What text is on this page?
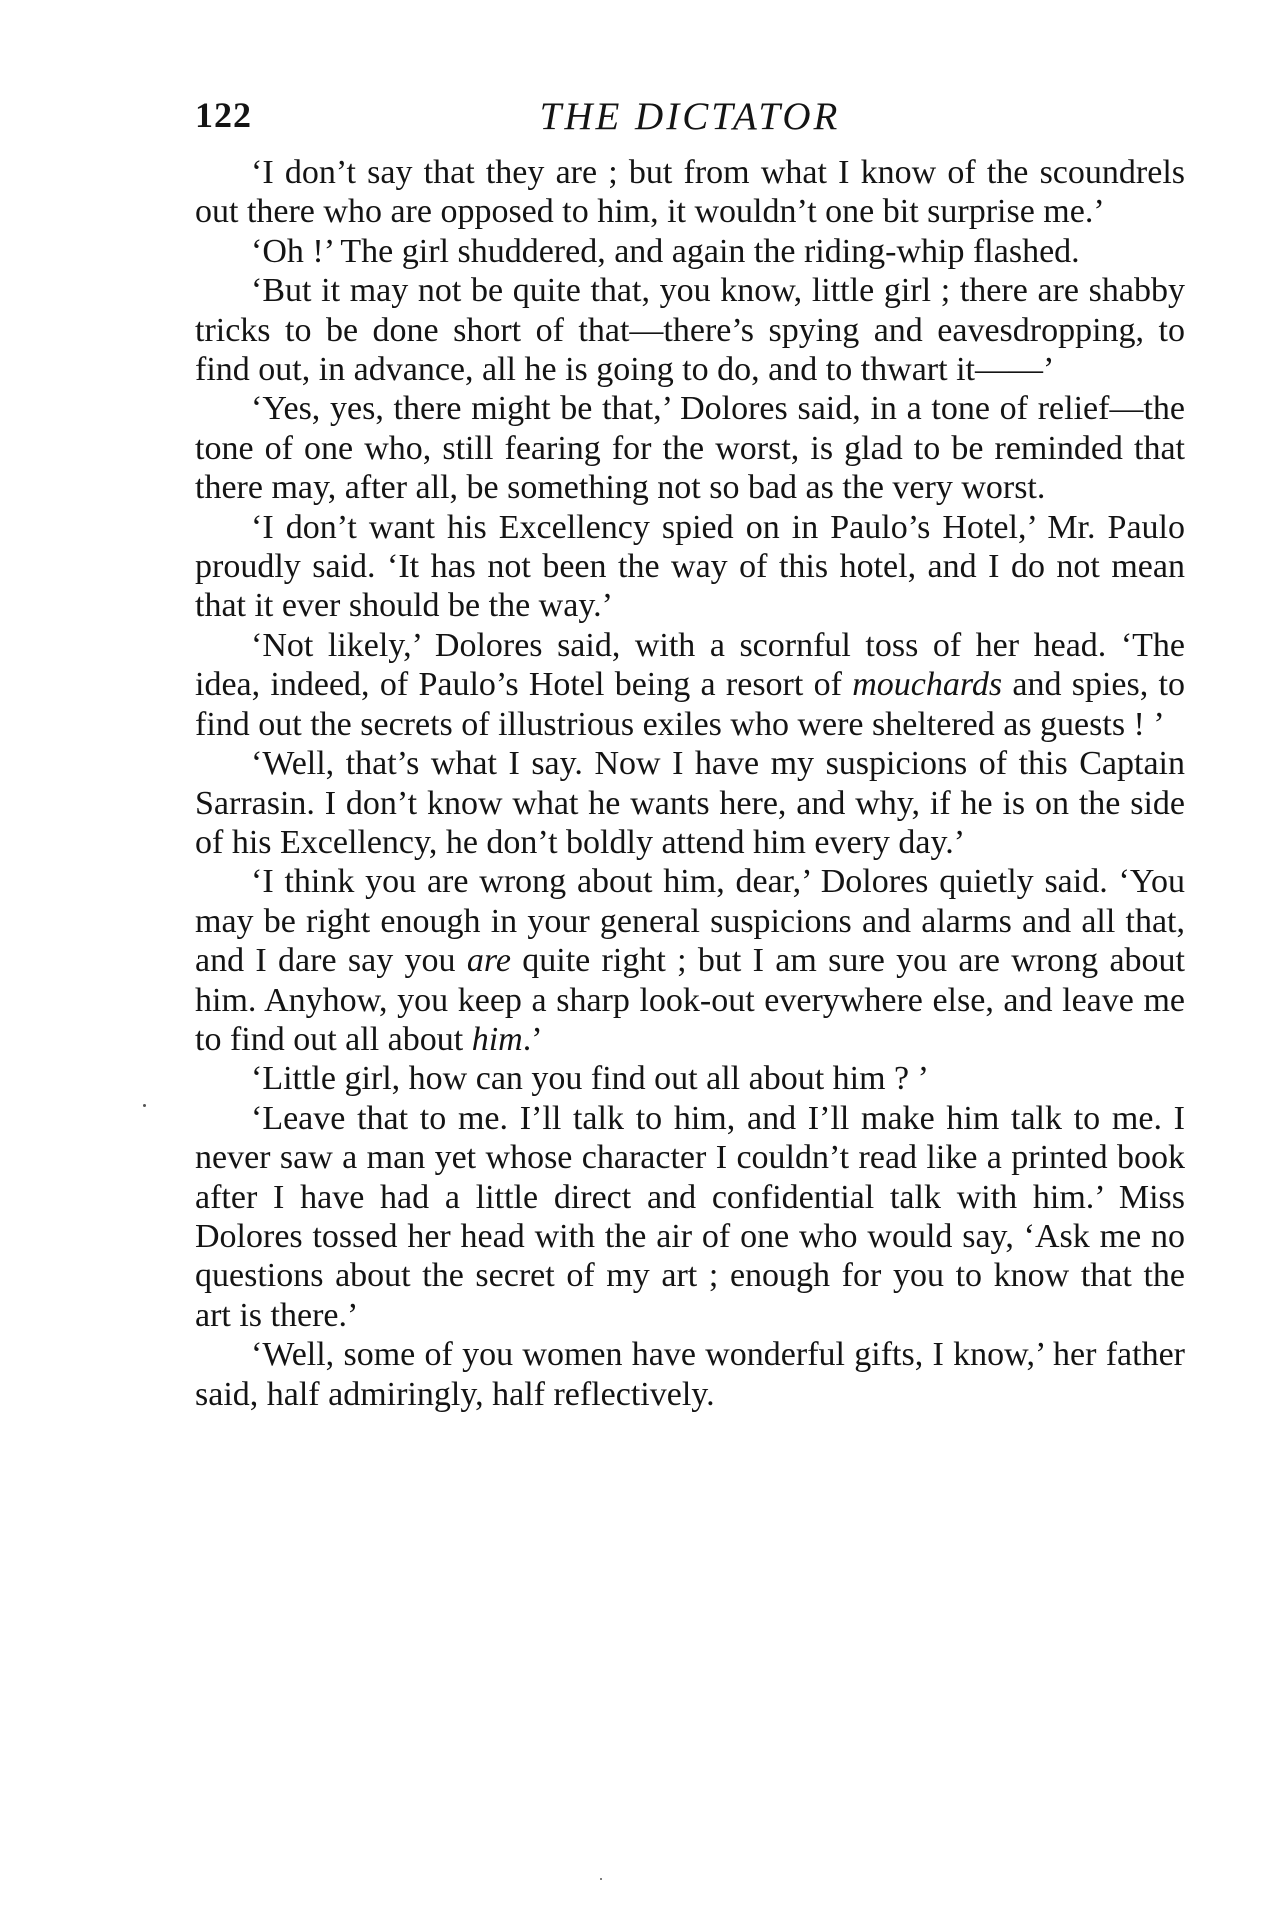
122	THE DICTATOR

‘I don’t say that they are ; but from what I know of the scoundrels out there who are opposed to him, it wouldn’t one bit surprise me.’

‘Oh !’ The girl shuddered, and again the riding-whip flashed.

‘But it may not be quite that, you know, little girl ; there are shabby tricks to be done short of that—there’s spying and eavesdropping, to find out, in advance, all he is going to do, and to thwart it——’

‘Yes, yes, there might be that,’ Dolores said, in a tone of relief—the tone of one who, still fearing for the worst, is glad to be reminded that there may, after all, be something not so bad as the very worst.

‘I don’t want his Excellency spied on in Paulo’s Hotel,’ Mr. Paulo proudly said. ‘It has not been the way of this hotel, and I do not mean that it ever should be the way.’

‘Not likely,’ Dolores said, with a scornful toss of her head. ‘The idea, indeed, of Paulo’s Hotel being a resort of mouchards and spies, to find out the secrets of illustrious exiles who were sheltered as guests ! ’

‘Well, that’s what I say. Now I have my suspicions of this Captain Sarrasin. I don’t know what he wants here, and why, if he is on the side of his Excellency, he don’t boldly attend him every day.’

‘I think you are wrong about him, dear,’ Dolores quietly said. ‘You may be right enough in your general suspicions and alarms and all that, and I dare say you are quite right ; but I am sure you are wrong about him. Anyhow, you keep a sharp look-out everywhere else, and leave me to find out all about him.’

‘Little girl, how can you find out all about him ? ’

‘Leave that to me. I’ll talk to him, and I’ll make him talk to me. I never saw a man yet whose character I couldn’t read like a printed book after I have had a little direct and confidential talk with him.’ Miss Dolores tossed her head with the air of one who would say, ‘Ask me no questions about the secret of my art ; enough for you to know that the art is there.’

‘Well, some of you women have wonderful gifts, I know,’ her father said, half admiringly, half reflectively.
